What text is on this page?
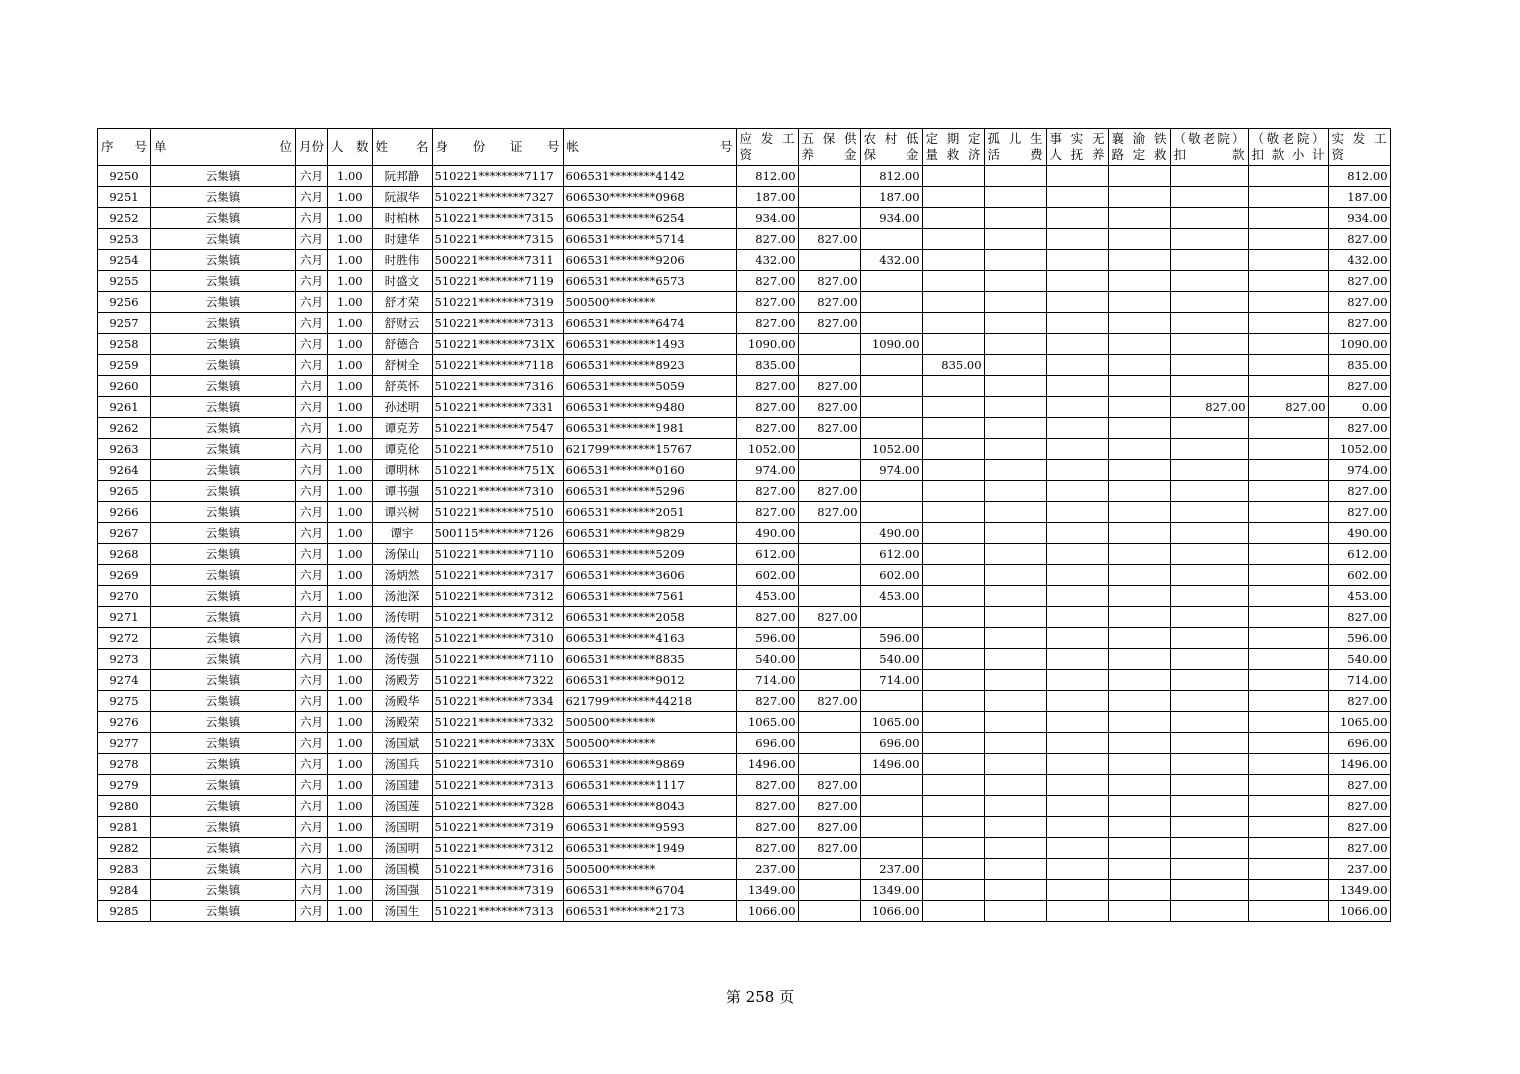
序　号	单　　位	月份	人　数	姓　　名	身　份　证　号	帐　　　号	应 发 工 资	五 保 供 养 金	农 村 低 保 金	定 期 定 量 救 济	孤 儿 生 活 费	事 实 无 人 抚 养	襄 渝 铁 路 定 救	（敬老院）扣　　　款	（敬老院）扣 款 小 计	实 发 工 资
9250	云集镇	六月	1.00	阮邦静	510221********7117	606531********4142	812.00		812.00							812.00
9251	云集镇	六月	1.00	阮淑华	510221********7327	606530********0968	187.00		187.00							187.00
9252	云集镇	六月	1.00	时柏林	510221********7315	606531********6254	934.00		934.00							934.00
9253	云集镇	六月	1.00	时建华	510221********7315	606531********5714	827.00	827.00								827.00
9254	云集镇	六月	1.00	时胜伟	500221********7311	606531********9206	432.00		432.00							432.00
9255	云集镇	六月	1.00	时盛文	510221********7119	606531********6573	827.00	827.00								827.00
9256	云集镇	六月	1.00	舒才荣	510221********7319	500500********	827.00	827.00								827.00
9257	云集镇	六月	1.00	舒财云	510221********7313	606531********6474	827.00	827.00								827.00
9258	云集镇	六月	1.00	舒德合	510221********731X	606531********1493	1090.00		1090.00							1090.00
9259	云集镇	六月	1.00	舒树全	510221********7118	606531********8923	835.00			835.00						835.00
9260	云集镇	六月	1.00	舒英怀	510221********7316	606531********5059	827.00	827.00								827.00
9261	云集镇	六月	1.00	孙述明	510221********7331	606531********9480	827.00	827.00						827.00	827.00	0.00
9262	云集镇	六月	1.00	谭克芳	510221********7547	606531********1981	827.00	827.00								827.00
9263	云集镇	六月	1.00	谭克伦	510221********7510	621799********15767	1052.00		1052.00							1052.00
9264	云集镇	六月	1.00	谭明林	510221********751X	606531********0160	974.00		974.00							974.00
9265	云集镇	六月	1.00	谭书强	510221********7310	606531********5296	827.00	827.00								827.00
9266	云集镇	六月	1.00	谭兴树	510221********7510	606531********2051	827.00	827.00								827.00
9267	云集镇	六月	1.00	谭宇	500115********7126	606531********9829	490.00		490.00							490.00
9268	云集镇	六月	1.00	汤保山	510221********7110	606531********5209	612.00		612.00							612.00
9269	云集镇	六月	1.00	汤炳然	510221********7317	606531********3606	602.00		602.00							602.00
9270	云集镇	六月	1.00	汤池深	510221********7312	606531********7561	453.00		453.00							453.00
9271	云集镇	六月	1.00	汤传明	510221********7312	606531********2058	827.00	827.00								827.00
9272	云集镇	六月	1.00	汤传铭	510221********7310	606531********4163	596.00		596.00							596.00
9273	云集镇	六月	1.00	汤传强	510221********7110	606531********8835	540.00		540.00							540.00
9274	云集镇	六月	1.00	汤殿芳	510221********7322	606531********9012	714.00		714.00							714.00
9275	云集镇	六月	1.00	汤殿华	510221********7334	621799********44218	827.00	827.00								827.00
9276	云集镇	六月	1.00	汤殿荣	510221********7332	500500********	1065.00		1065.00							1065.00
9277	云集镇	六月	1.00	汤国斌	510221********733X	500500********	696.00		696.00							696.00
9278	云集镇	六月	1.00	汤国兵	510221********7310	606531********9869	1496.00		1496.00							1496.00
9279	云集镇	六月	1.00	汤国建	510221********7313	606531********1117	827.00	827.00								827.00
9280	云集镇	六月	1.00	汤国莲	510221********7328	606531********8043	827.00	827.00								827.00
9281	云集镇	六月	1.00	汤国明	510221********7319	606531********9593	827.00	827.00								827.00
9282	云集镇	六月	1.00	汤国明	510221********7312	606531********1949	827.00	827.00								827.00
9283	云集镇	六月	1.00	汤国模	510221********7316	500500********	237.00		237.00							237.00
9284	云集镇	六月	1.00	汤国强	510221********7319	606531********6704	1349.00		1349.00							1349.00
9285	云集镇	六月	1.00	汤国生	510221********7313	606531********2173	1066.00		1066.00							1066.00
第 258 页
